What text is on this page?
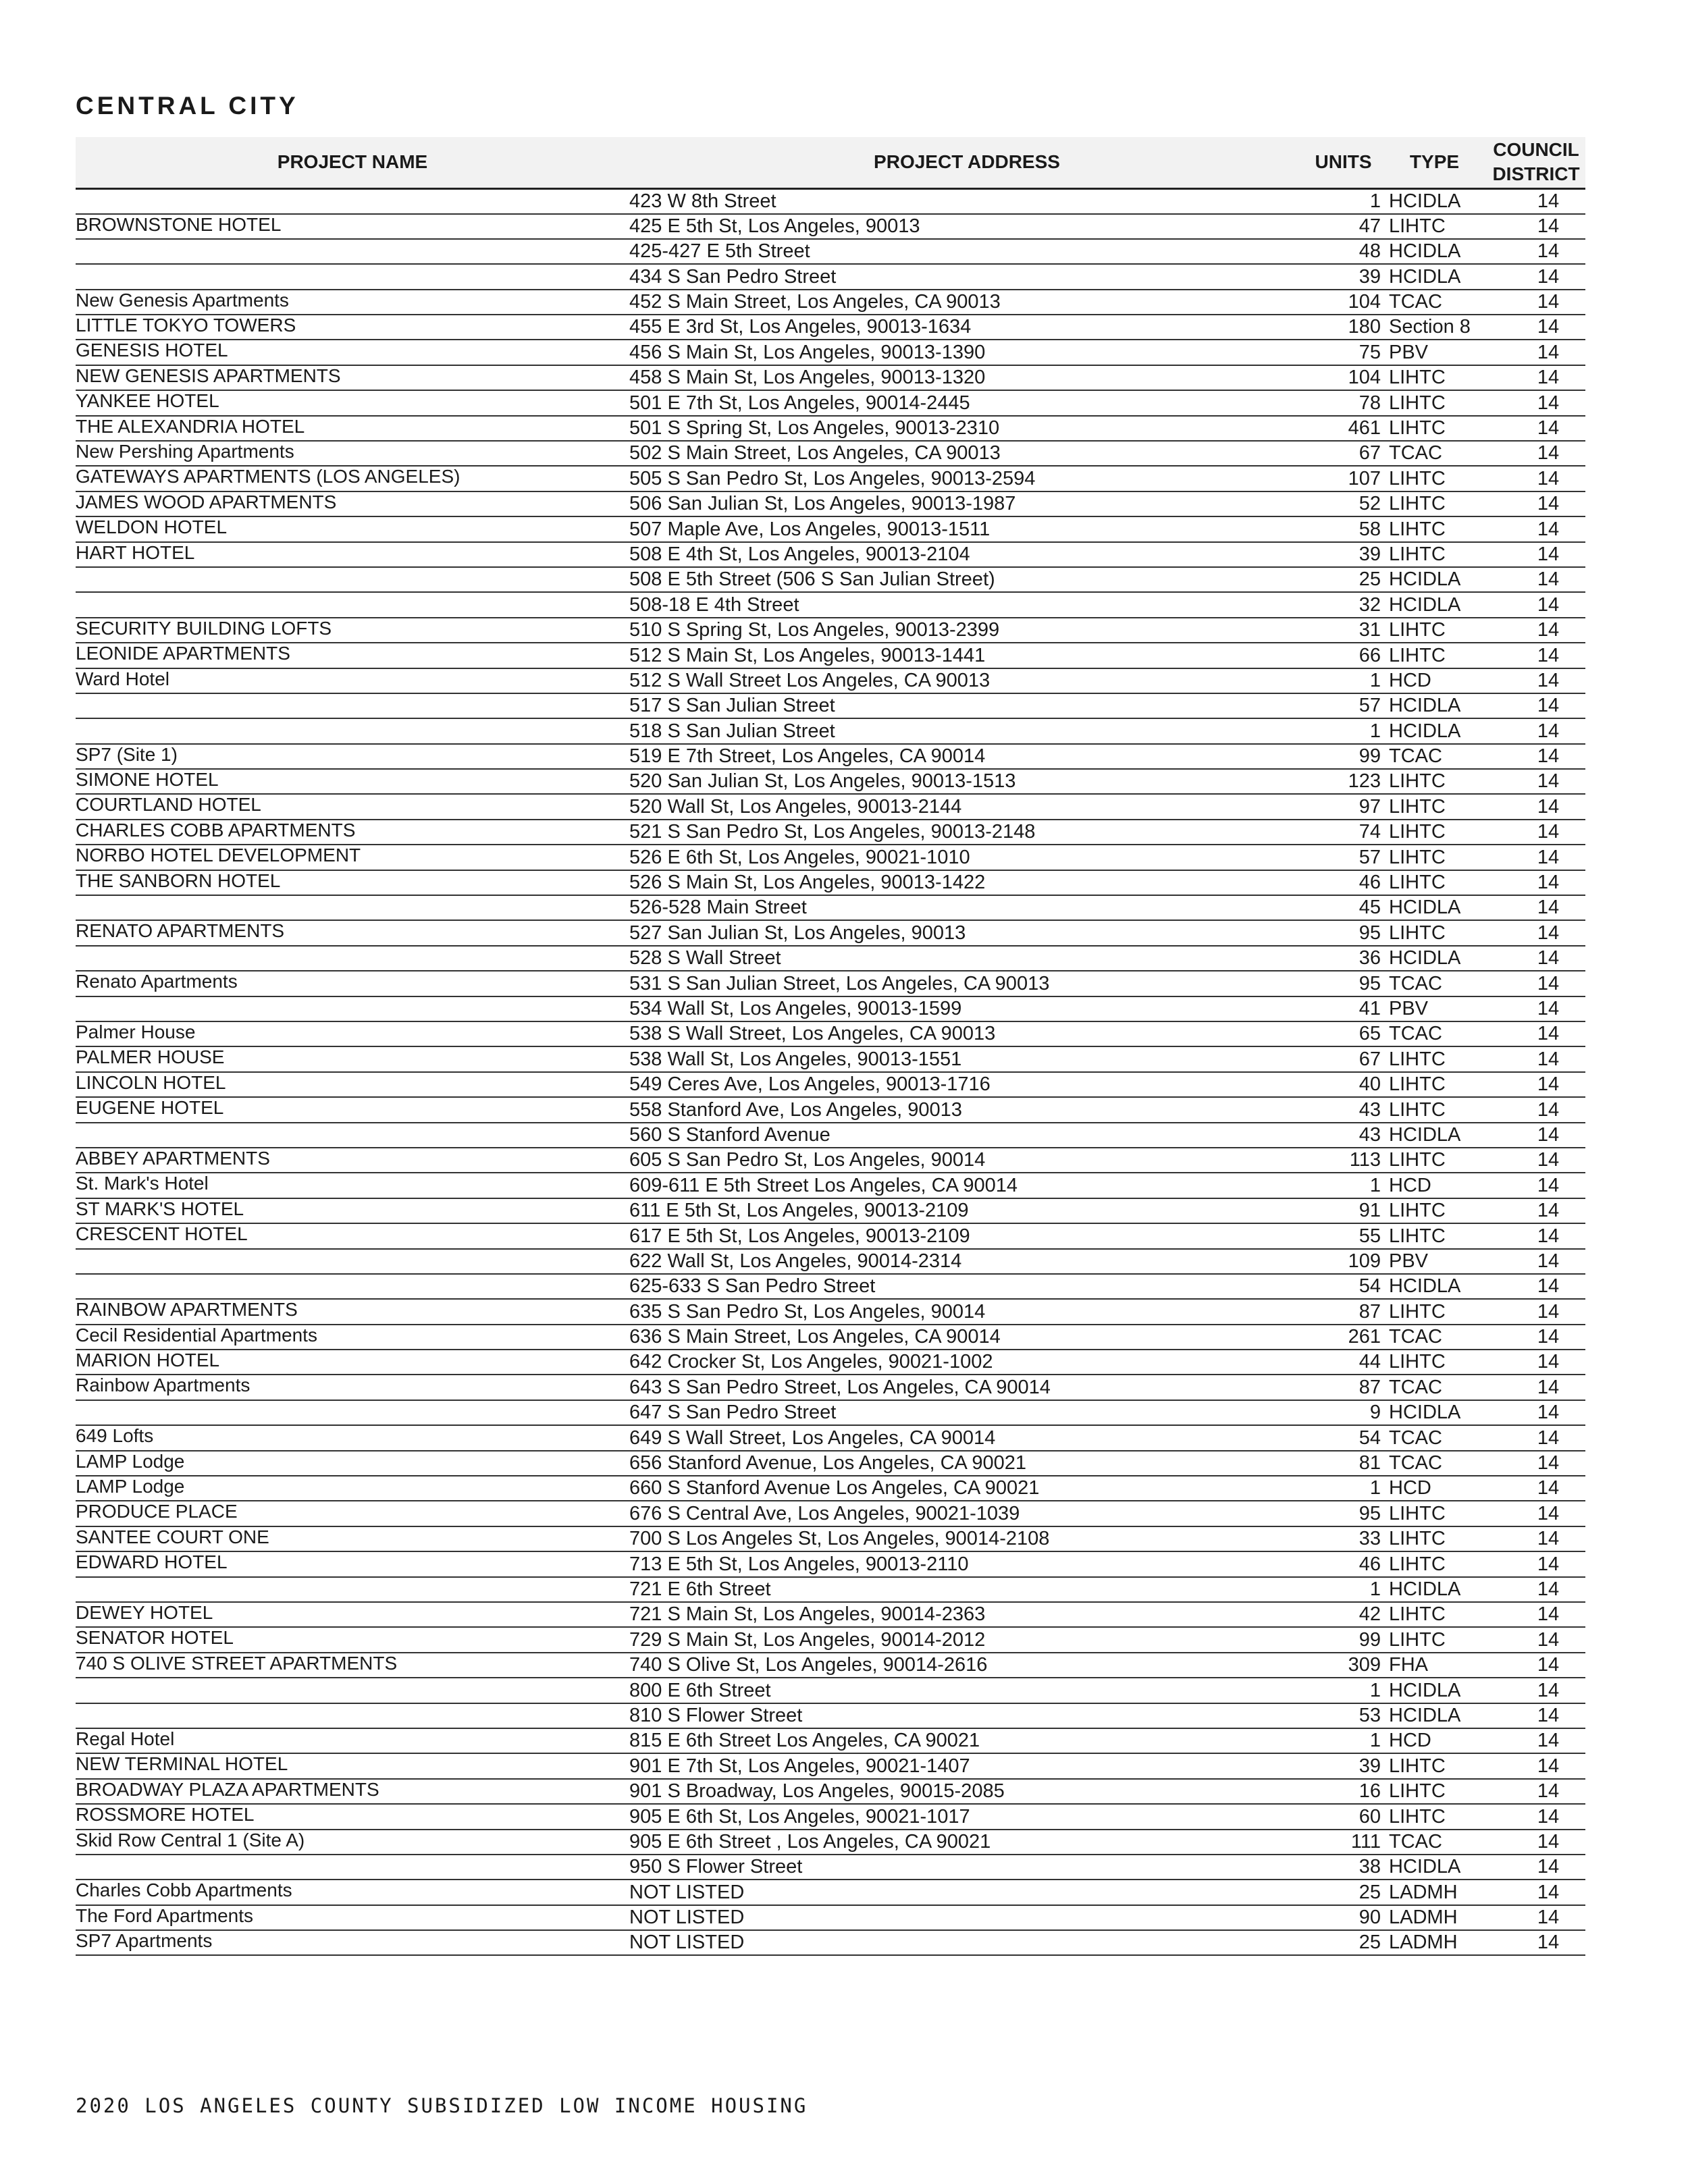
CENTRAL CITY
PROJECT NAME	PROJECT ADDRESS	UNITS	TYPE	COUNCIL DISTRICT
	423 W 8th Street	1	HCIDLA	14
BROWNSTONE HOTEL	425 E 5th St, Los Angeles, 90013	47	LIHTC	14
	425-427 E 5th Street	48	HCIDLA	14
	434 S San Pedro Street	39	HCIDLA	14
New Genesis Apartments	452 S Main Street, Los Angeles, CA 90013	104	TCAC	14
LITTLE TOKYO TOWERS	455 E 3rd St, Los Angeles, 90013-1634	180	Section 8	14
GENESIS HOTEL	456 S Main St, Los Angeles, 90013-1390	75	PBV	14
NEW GENESIS APARTMENTS	458 S Main St, Los Angeles, 90013-1320	104	LIHTC	14
YANKEE HOTEL	501 E 7th St, Los Angeles, 90014-2445	78	LIHTC	14
THE ALEXANDRIA HOTEL	501 S Spring St, Los Angeles, 90013-2310	461	LIHTC	14
New Pershing Apartments	502 S Main Street, Los Angeles, CA 90013	67	TCAC	14
GATEWAYS APARTMENTS (LOS ANGELES)	505 S San Pedro St, Los Angeles, 90013-2594	107	LIHTC	14
JAMES WOOD APARTMENTS	506 San Julian St, Los Angeles, 90013-1987	52	LIHTC	14
WELDON HOTEL	507 Maple Ave, Los Angeles, 90013-1511	58	LIHTC	14
HART HOTEL	508 E 4th St, Los Angeles, 90013-2104	39	LIHTC	14
	508 E 5th Street (506 S San Julian Street)	25	HCIDLA	14
	508-18 E 4th Street	32	HCIDLA	14
SECURITY BUILDING LOFTS	510 S Spring St, Los Angeles, 90013-2399	31	LIHTC	14
LEONIDE APARTMENTS	512 S Main St, Los Angeles, 90013-1441	66	LIHTC	14
Ward Hotel	512 S Wall Street Los Angeles, CA 90013	1	HCD	14
	517 S San Julian Street	57	HCIDLA	14
	518 S San Julian Street	1	HCIDLA	14
SP7 (Site 1)	519 E 7th Street, Los Angeles, CA 90014	99	TCAC	14
SIMONE HOTEL	520 San Julian St, Los Angeles, 90013-1513	123	LIHTC	14
COURTLAND HOTEL	520 Wall St, Los Angeles, 90013-2144	97	LIHTC	14
CHARLES COBB APARTMENTS	521 S San Pedro St, Los Angeles, 90013-2148	74	LIHTC	14
NORBO HOTEL DEVELOPMENT	526 E 6th St, Los Angeles, 90021-1010	57	LIHTC	14
THE SANBORN HOTEL	526 S Main St, Los Angeles, 90013-1422	46	LIHTC	14
	526-528 Main Street	45	HCIDLA	14
RENATO APARTMENTS	527 San Julian St, Los Angeles, 90013	95	LIHTC	14
	528 S Wall Street	36	HCIDLA	14
Renato Apartments	531 S San Julian Street, Los Angeles, CA 90013	95	TCAC	14
	534 Wall St, Los Angeles, 90013-1599	41	PBV	14
Palmer House	538 S Wall Street, Los Angeles, CA 90013	65	TCAC	14
PALMER HOUSE	538 Wall St, Los Angeles, 90013-1551	67	LIHTC	14
LINCOLN HOTEL	549 Ceres Ave, Los Angeles, 90013-1716	40	LIHTC	14
EUGENE HOTEL	558 Stanford Ave, Los Angeles, 90013	43	LIHTC	14
	560 S Stanford Avenue	43	HCIDLA	14
ABBEY APARTMENTS	605 S San Pedro St, Los Angeles, 90014	113	LIHTC	14
St. Mark's Hotel	609-611 E 5th Street Los Angeles, CA 90014	1	HCD	14
ST MARK'S HOTEL	611 E 5th St, Los Angeles, 90013-2109	91	LIHTC	14
CRESCENT HOTEL	617 E 5th St, Los Angeles, 90013-2109	55	LIHTC	14
	622 Wall St, Los Angeles, 90014-2314	109	PBV	14
	625-633 S San Pedro Street	54	HCIDLA	14
RAINBOW APARTMENTS	635 S San Pedro St, Los Angeles, 90014	87	LIHTC	14
Cecil Residential Apartments	636 S Main Street, Los Angeles, CA 90014	261	TCAC	14
MARION HOTEL	642 Crocker St, Los Angeles, 90021-1002	44	LIHTC	14
Rainbow Apartments	643 S San Pedro Street, Los Angeles, CA 90014	87	TCAC	14
	647 S San Pedro Street	9	HCIDLA	14
649 Lofts	649 S Wall Street, Los Angeles, CA 90014	54	TCAC	14
LAMP Lodge	656 Stanford Avenue, Los Angeles, CA 90021	81	TCAC	14
LAMP Lodge	660 S Stanford Avenue Los Angeles, CA 90021	1	HCD	14
PRODUCE PLACE	676 S Central Ave, Los Angeles, 90021-1039	95	LIHTC	14
SANTEE COURT ONE	700 S Los Angeles St, Los Angeles, 90014-2108	33	LIHTC	14
EDWARD HOTEL	713 E 5th St, Los Angeles, 90013-2110	46	LIHTC	14
	721 E 6th Street	1	HCIDLA	14
DEWEY HOTEL	721 S Main St, Los Angeles, 90014-2363	42	LIHTC	14
SENATOR HOTEL	729 S Main St, Los Angeles, 90014-2012	99	LIHTC	14
740 S OLIVE STREET APARTMENTS	740 S Olive St, Los Angeles, 90014-2616	309	FHA	14
	800 E 6th Street	1	HCIDLA	14
	810 S Flower Street	53	HCIDLA	14
Regal Hotel	815 E 6th Street Los Angeles, CA 90021	1	HCD	14
NEW TERMINAL HOTEL	901 E 7th St, Los Angeles, 90021-1407	39	LIHTC	14
BROADWAY PLAZA APARTMENTS	901 S Broadway, Los Angeles, 90015-2085	16	LIHTC	14
ROSSMORE HOTEL	905 E 6th St, Los Angeles, 90021-1017	60	LIHTC	14
Skid Row Central 1 (Site A)	905 E 6th Street , Los Angeles, CA 90021	111	TCAC	14
	950 S Flower Street	38	HCIDLA	14
Charles Cobb Apartments	NOT LISTED	25	LADMH	14
The Ford Apartments	NOT LISTED	90	LADMH	14
SP7 Apartments	NOT LISTED	25	LADMH	14

2020 LOS ANGELES COUNTY SUBSIDIZED LOW INCOME HOUSING
